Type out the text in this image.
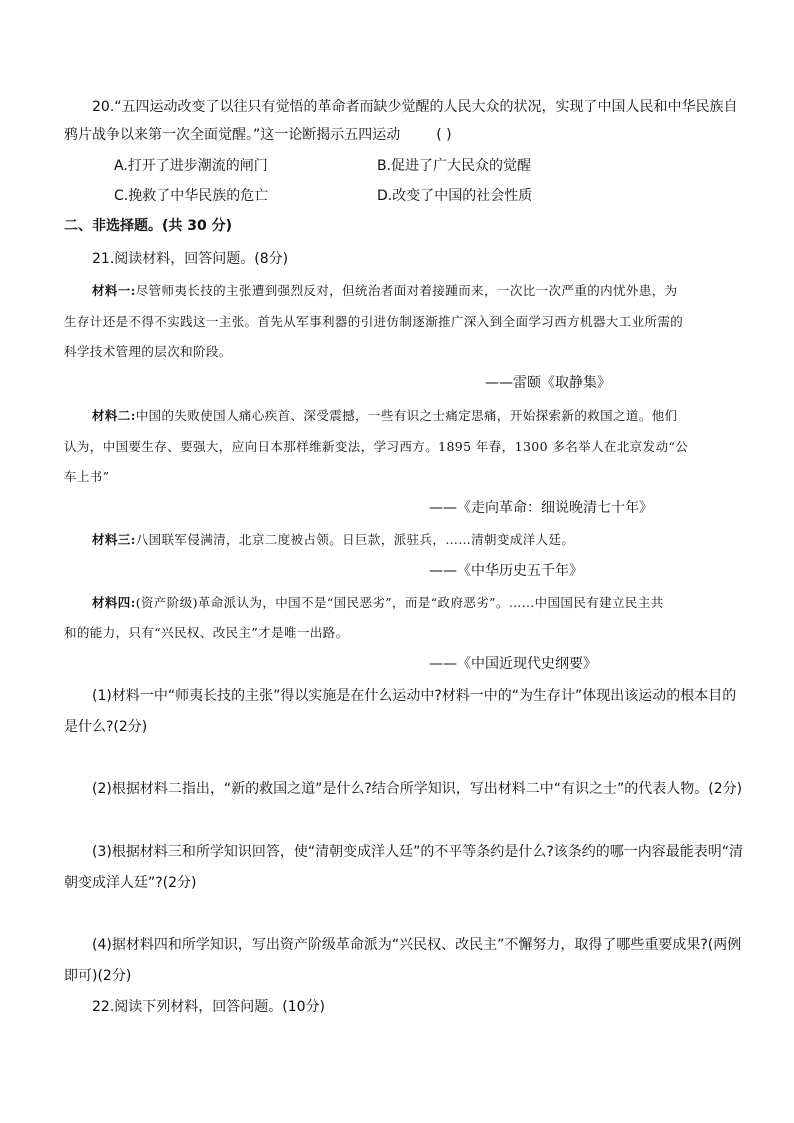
20.“五四运动改变了以往只有觉悟的革命者而缺少觉醒的人民大众的状况，实现了中国人民和中华民族自
鸦片战争以来第一次全面觉醒。”这一论断揭示五四运动	( )
A.打开了进步潮流的闸门	B.促进了广大民众的觉醒
C.挽救了中华民族的危亡	D.改变了中国的社会性质
二、非选择题。(共 30 分)
21.阅读材料，回答问题。(8分)
材料一:尽管师夷长技的主张遭到强烈反对，但统治者面对着接踵而来，一次比一次严重的内忧外患，为
生存计还是不得不实践这一主张。首先从军事利器的引进仿制逐渐推广深入到全面学习西方机器大工业所需的
科学技术管理的层次和阶段。
——雷颐《取静集》
材料二:中国的失败使国人痛心疾首、深受震撼，一些有识之士痛定思痛，开始探索新的救国之道。他们
认为，中国要生存、要强大，应向日本那样维新变法，学习西方。1895 年春，1300 多名举人在北京发动“公
车上书”
——《走向革命：细说晚清七十年》
材料三:八国联军侵满清，北京二度被占领。日巨款，派驻兵，……清朝变成洋人廷。
——《中华历史五千年》
材料四:(资产阶级)革命派认为，中国不是“国民恶劣”，而是“政府恶劣”。……中国国民有建立民主共
和的能力，只有“兴民权、改民主”才是唯一出路。
——《中国近现代史纲要》
(1)材料一中“师夷长技的主张”得以实施是在什么运动中?材料一中的“为生存计”体现出该运动的根本目的
是什么?(2分)
(2)根据材料二指出，“新的救国之道”是什么?结合所学知识，写出材料二中“有识之士”的代表人物。(2分)
(3)根据材料三和所学知识回答，使“清朝变成洋人廷”的不平等条约是什么?该条约的哪一内容最能表明“清
朝变成洋人廷”?(2分)
(4)据材料四和所学知识，写出资产阶级革命派为“兴民权、改民主”不懈努力，取得了哪些重要成果?(两例
即可)(2分)
22.阅读下列材料，回答问题。(10分)
